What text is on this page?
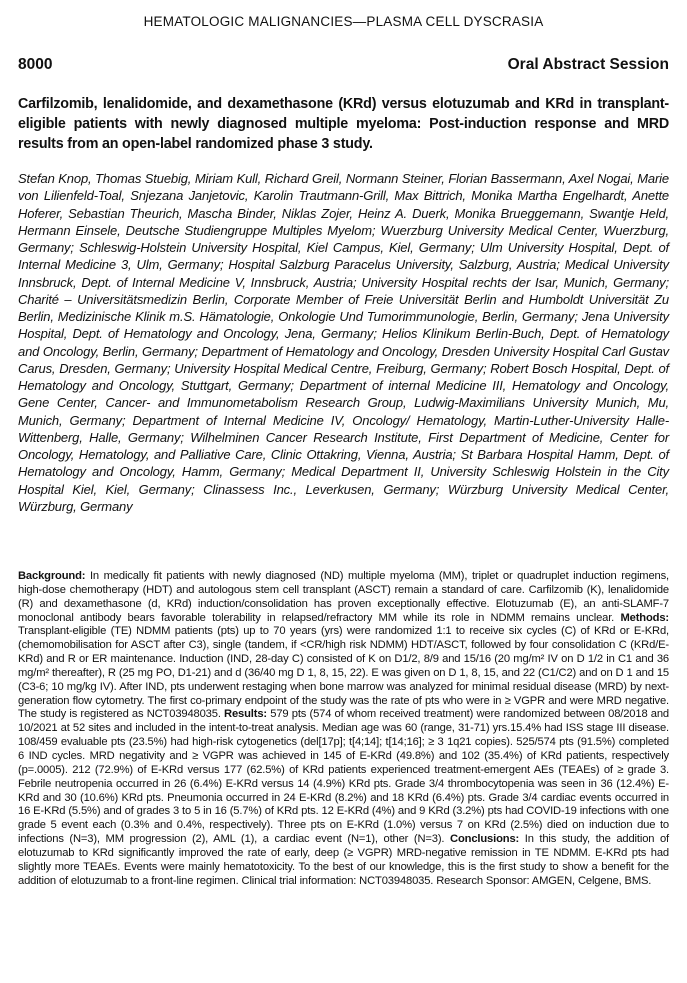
HEMATOLOGIC MALIGNANCIES—PLASMA CELL DYSCRASIA
8000	Oral Abstract Session
Carfilzomib, lenalidomide, and dexamethasone (KRd) versus elotuzumab and KRd in transplant-eligible patients with newly diagnosed multiple myeloma: Post-induction response and MRD results from an open-label randomized phase 3 study.
Stefan Knop, Thomas Stuebig, Miriam Kull, Richard Greil, Normann Steiner, Florian Bassermann, Axel Nogai, Marie von Lilienfeld-Toal, Snjezana Janjetovic, Karolin Trautmann-Grill, Max Bittrich, Monika Martha Engelhardt, Anette Hoferer, Sebastian Theurich, Mascha Binder, Niklas Zojer, Heinz A. Duerk, Monika Brueggemann, Swantje Held, Hermann Einsele, Deutsche Studiengruppe Multiples Myelom; Wuerzburg University Medical Center, Wuerzburg, Germany; Schleswig-Holstein University Hospital, Kiel Campus, Kiel, Germany; Ulm University Hospital, Dept. of Internal Medicine 3, Ulm, Germany; Hospital Salzburg Paracelus University, Salzburg, Austria; Medical University Innsbruck, Dept. of Internal Medicine V, Innsbruck, Austria; University Hospital rechts der Isar, Munich, Germany; Charité – Universitätsmedizin Berlin, Corporate Member of Freie Universität Berlin and Humboldt Universität Zu Berlin, Medizinische Klinik m.S. Hämatologie, Onkologie Und Tumorimmunologie, Berlin, Germany; Jena University Hospital, Dept. of Hematology and Oncology, Jena, Germany; Helios Klinikum Berlin-Buch, Dept. of Hematology and Oncology, Berlin, Germany; Department of Hematology and Oncology, Dresden University Hospital Carl Gustav Carus, Dresden, Germany; University Hospital Medical Centre, Freiburg, Germany; Robert Bosch Hospital, Dept. of Hematology and Oncology, Stuttgart, Germany; Department of internal Medicine III, Hematology and Oncology, Gene Center, Cancer- and Immunometabolism Research Group, Ludwig-Maximilians University Munich, Mu, Munich, Germany; Department of Internal Medicine IV, Oncology/ Hematology, Martin-Luther-University Halle-Wittenberg, Halle, Germany; Wilhelminen Cancer Research Institute, First Department of Medicine, Center for Oncology, Hematology, and Palliative Care, Clinic Ottakring, Vienna, Austria; St Barbara Hospital Hamm, Dept. of Hematology and Oncology, Hamm, Germany; Medical Department II, University Schleswig Holstein in the City Hospital Kiel, Kiel, Germany; Clinassess Inc., Leverkusen, Germany; Würzburg University Medical Center, Würzburg, Germany
Background: In medically fit patients with newly diagnosed (ND) multiple myeloma (MM), triplet or quadruplet induction regimens, high-dose chemotherapy (HDT) and autologous stem cell transplant (ASCT) remain a standard of care. Carfilzomib (K), lenalidomide (R) and dexamethasone (d, KRd) induction/consolidation has proven exceptionally effective. Elotuzumab (E), an anti-SLAMF-7 monoclonal antibody bears favorable tolerability in relapsed/refractory MM while its role in NDMM remains unclear. Methods: Transplant-eligible (TE) NDMM patients (pts) up to 70 years (yrs) were randomized 1:1 to receive six cycles (C) of KRd or E-KRd, (chemomobilisation for ASCT after C3), single (tandem, if <CR/high risk NDMM) HDT/ASCT, followed by four consolidation C (KRd/E-KRd) and R or ER maintenance. Induction (IND, 28-day C) consisted of K on D1/2, 8/9 and 15/16 (20 mg/m² IV on D 1/2 in C1 and 36 mg/m² thereafter), R (25 mg PO, D1-21) and d (36/40 mg D 1, 8, 15, 22). E was given on D 1, 8, 15, and 22 (C1/C2) and on D 1 and 15 (C3-6; 10 mg/kg IV). After IND, pts underwent restaging when bone marrow was analyzed for minimal residual disease (MRD) by next-generation flow cytometry. The first co-primary endpoint of the study was the rate of pts who were in ≥ VGPR and were MRD negative. The study is registered as NCT03948035. Results: 579 pts (574 of whom received treatment) were randomized between 08/2018 and 10/2021 at 52 sites and included in the intent-to-treat analysis. Median age was 60 (range, 31-71) yrs.15.4% had ISS stage III disease. 108/459 evaluable pts (23.5%) had high-risk cytogenetics (del[17p]; t[4;14]; t[14;16]; ≥ 3 1q21 copies). 525/574 pts (91.5%) completed 6 IND cycles. MRD negativity and ≥ VGPR was achieved in 145 of E-KRd (49.8%) and 102 (35.4%) of KRd patients, respectively (p=.0005). 212 (72.9%) of E-KRd versus 177 (62.5%) of KRd patients experienced treatment-emergent AEs (TEAEs) of ≥ grade 3. Febrile neutropenia occurred in 26 (6.4%) E-KRd versus 14 (4.9%) KRd pts. Grade 3/4 thrombocytopenia was seen in 36 (12.4%) E-KRd and 30 (10.6%) KRd pts. Pneumonia occurred in 24 E-KRd (8.2%) and 18 KRd (6.4%) pts. Grade 3/4 cardiac events occurred in 16 E-KRd (5.5%) and of grades 3 to 5 in 16 (5.7%) of KRd pts. 12 E-KRd (4%) and 9 KRd (3.2%) pts had COVID-19 infections with one grade 5 event each (0.3% and 0.4%, respectively). Three pts on E-KRd (1.0%) versus 7 on KRd (2.5%) died on induction due to infections (N=3), MM progression (2), AML (1), a cardiac event (N=1), other (N=3). Conclusions: In this study, the addition of elotuzumab to KRd significantly improved the rate of early, deep (≥ VGPR) MRD-negative remission in TE NDMM. E-KRd pts had slightly more TEAEs. Events were mainly hematotoxicity. To the best of our knowledge, this is the first study to show a benefit for the addition of elotuzumab to a front-line regimen. Clinical trial information: NCT03948035. Research Sponsor: AMGEN, Celgene, BMS.
